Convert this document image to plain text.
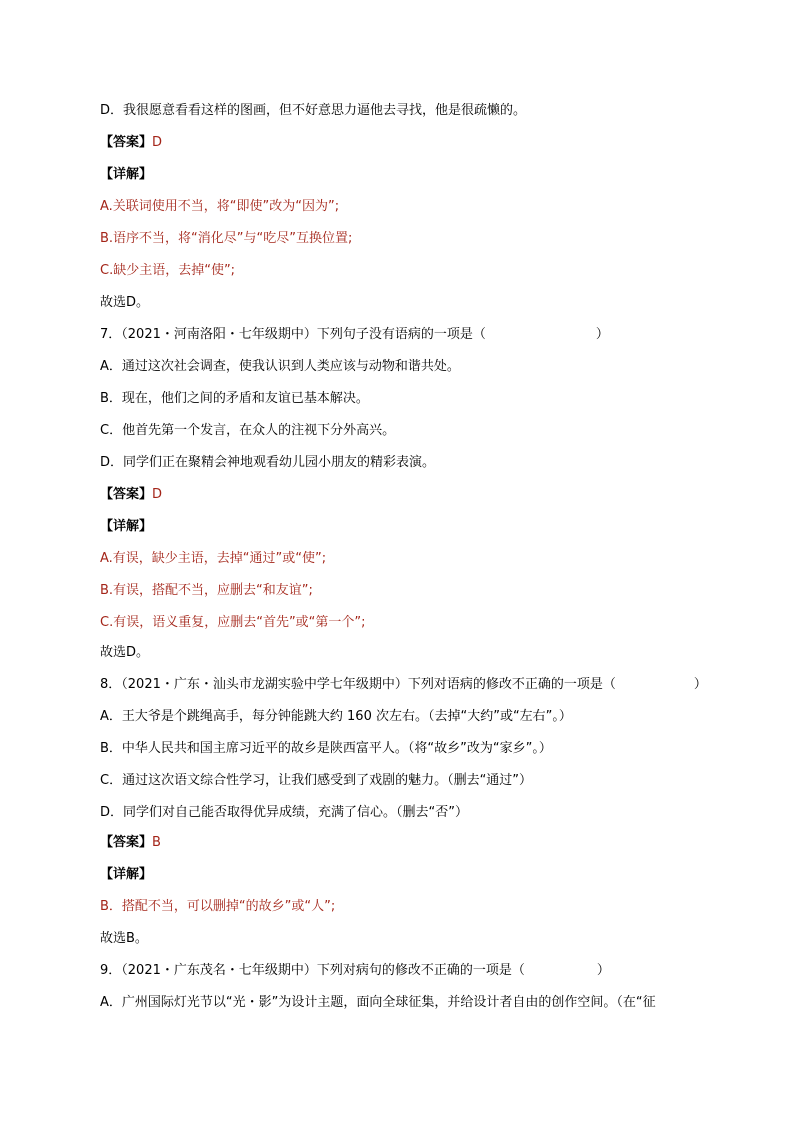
D．我很愿意看看这样的图画，但不好意思力逼他去寻找，他是很疏懒的。
【答案】D
【详解】
A.关联词使用不当，将“即使”改为“因为”;
B.语序不当，将“消化尽”与“吃尽”互换位置;
C.缺少主语，去掉“使”;
故选D。
7．（2021・河南洛阳・七年级期中）下列句子没有语病的一项是（	）
A．通过这次社会调查，使我认识到人类应该与动物和谐共处。
B．现在，他们之间的矛盾和友谊已基本解决。
C．他首先第一个发言，在众人的注视下分外高兴。
D．同学们正在聚精会神地观看幼儿园小朋友的精彩表演。
【答案】D
【详解】
A.有误，缺少主语，去掉“通过”或“使”;
B.有误，搭配不当，应删去“和友谊”;
C.有误，语义重复，应删去“首先”或“第一个”;
故选D。
8．（2021・广东・汕头市龙湖实验中学七年级期中）下列对语病的修改不正确的一项是（	）
A．王大爷是个跳绳高手，每分钟能跳大约 160 次左右。（去掉“大约”或“左右”。）
B．中华人民共和国主席习近平的故乡是陕西富平人。（将“故乡”改为“家乡”。）
C．通过这次语文综合性学习，让我们感受到了戏剧的魅力。（删去“通过”）
D．同学们对自己能否取得优异成绩，充满了信心。（删去“否”）
【答案】B
【详解】
B．搭配不当，可以删掉“的故乡”或“人”;
故选B。
9．（2021・广东茂名・七年级期中）下列对病句的修改不正确的一项是（	）
A．广州国际灯光节以“光・影”为设计主题，面向全球征集，并给设计者自由的创作空间。（在“征
